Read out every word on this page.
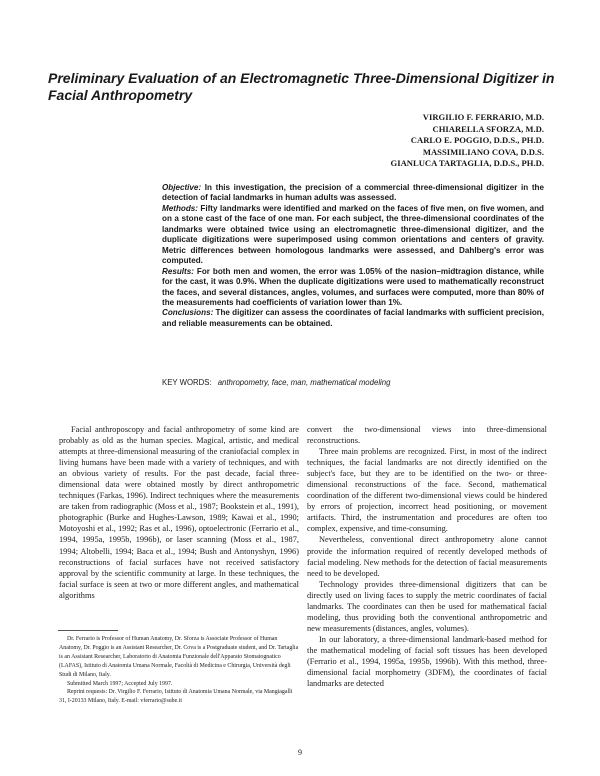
Preliminary Evaluation of an Electromagnetic Three-Dimensional Digitizer in Facial Anthropometry
VIRGILIO F. FERRARIO, M.D.
CHIARELLA SFORZA, M.D.
CARLO E. POGGIO, D.D.S., PH.D.
MASSIMILIANO COVA, D.D.S.
GIANLUCA TARTAGLIA, D.D.S., PH.D.

Objective: In this investigation, the precision of a commercial three-dimensional digitizer in the detection of facial landmarks in human adults was assessed.

Methods: Fifty landmarks were identified and marked on the faces of five men, on five women, and on a stone cast of the face of one man. For each subject, the three-dimensional coordinates of the landmarks were obtained twice using an electromagnetic three-dimensional digitizer, and the duplicate digitizations were superimposed using common orientations and centers of gravity. Metric differences between homologous landmarks were assessed, and Dahlberg's error was computed.

Results: For both men and women, the error was 1.05% of the nasion–midtragion distance, while for the cast, it was 0.9%. When the duplicate digitizations were used to mathematically reconstruct the faces, and several distances, angles, volumes, and surfaces were computed, more than 80% of the measurements had coefficients of variation lower than 1%.

Conclusions: The digitizer can assess the coordinates of facial landmarks with sufficient precision, and reliable measurements can be obtained.

KEY WORDS: anthropometry, face, man, mathematical modeling

Facial anthroposcopy and facial anthropometry of some kind are probably as old as the human species. Magical, artistic, and medical attempts at three-dimensional measuring of the craniofacial complex in living humans have been made with a variety of techniques, and with an obvious variety of results. For the past decade, facial three-dimensional data were obtained mostly by direct anthropometric techniques (Farkas, 1996). Indirect techniques where the measurements are taken from radiographic (Moss et al., 1987; Bookstein et al., 1991), photographic (Burke and Hughes-Lawson, 1989; Kawai et al., 1990; Motoyoshi et al., 1992; Ras et al., 1996), optoelectronic (Ferrario et al., 1994, 1995a, 1995b, 1996b), or laser scanning (Moss et al., 1987, 1994; Altobelli, 1994; Baca et al., 1994; Bush and Antonyshyn, 1996) reconstructions of facial surfaces have not received satisfactory approval by the scientific community at large. In these techniques, the facial surface is seen at two or more different angles, and mathematical algorithms

convert the two-dimensional views into three-dimensional reconstructions.

Three main problems are recognized. First, in most of the indirect techniques, the facial landmarks are not directly identified on the subject's face, but they are to be identified on the two- or three-dimensional reconstructions of the face. Second, mathematical coordination of the different two-dimensional views could be hindered by errors of projection, incorrect head positioning, or movement artifacts. Third, the instrumentation and procedures are often too complex, expensive, and time-consuming.

Nevertheless, conventional direct anthropometry alone cannot provide the information required of recently developed methods of facial modeling. New methods for the detection of facial measurements need to be developed.

Technology provides three-dimensional digitizers that can be directly used on living faces to supply the metric coordinates of facial landmarks. The coordinates can then be used for mathematical facial modeling, thus providing both the conventional anthropometric and new measurements (distances, angles, volumes).

In our laboratory, a three-dimensional landmark-based method for the mathematical modeling of facial soft tissues has been developed (Ferrario et al., 1994, 1995a, 1995b, 1996b). With this method, three-dimensional facial morphometry (3DFM), the coordinates of facial landmarks are detected

Dr. Ferrario is Professor of Human Anatomy, Dr. Sforza is Associate Professor of Human Anatomy, Dr. Poggio is an Assistant Researcher, Dr. Cova is a Postgraduate student, and Dr. Tartaglia is an Assistant Researcher, Laboratorio di Anatomia Funzionale dell'Apparato Stomatognatico (LAFAS), Istituto di Anatomia Umana Normale, Facoltà di Medicina e Chirurgia, Università degli Studi di Milano, Italy.

Submitted March 1997; Accepted July 1997.

Reprint requests: Dr. Virgilio F. Ferrario, Istituto di Anatomia Umana Normale, via Mangiagalli 31, I-20133 Milano, Italy. E-mail: vferrario@sube.it

9
